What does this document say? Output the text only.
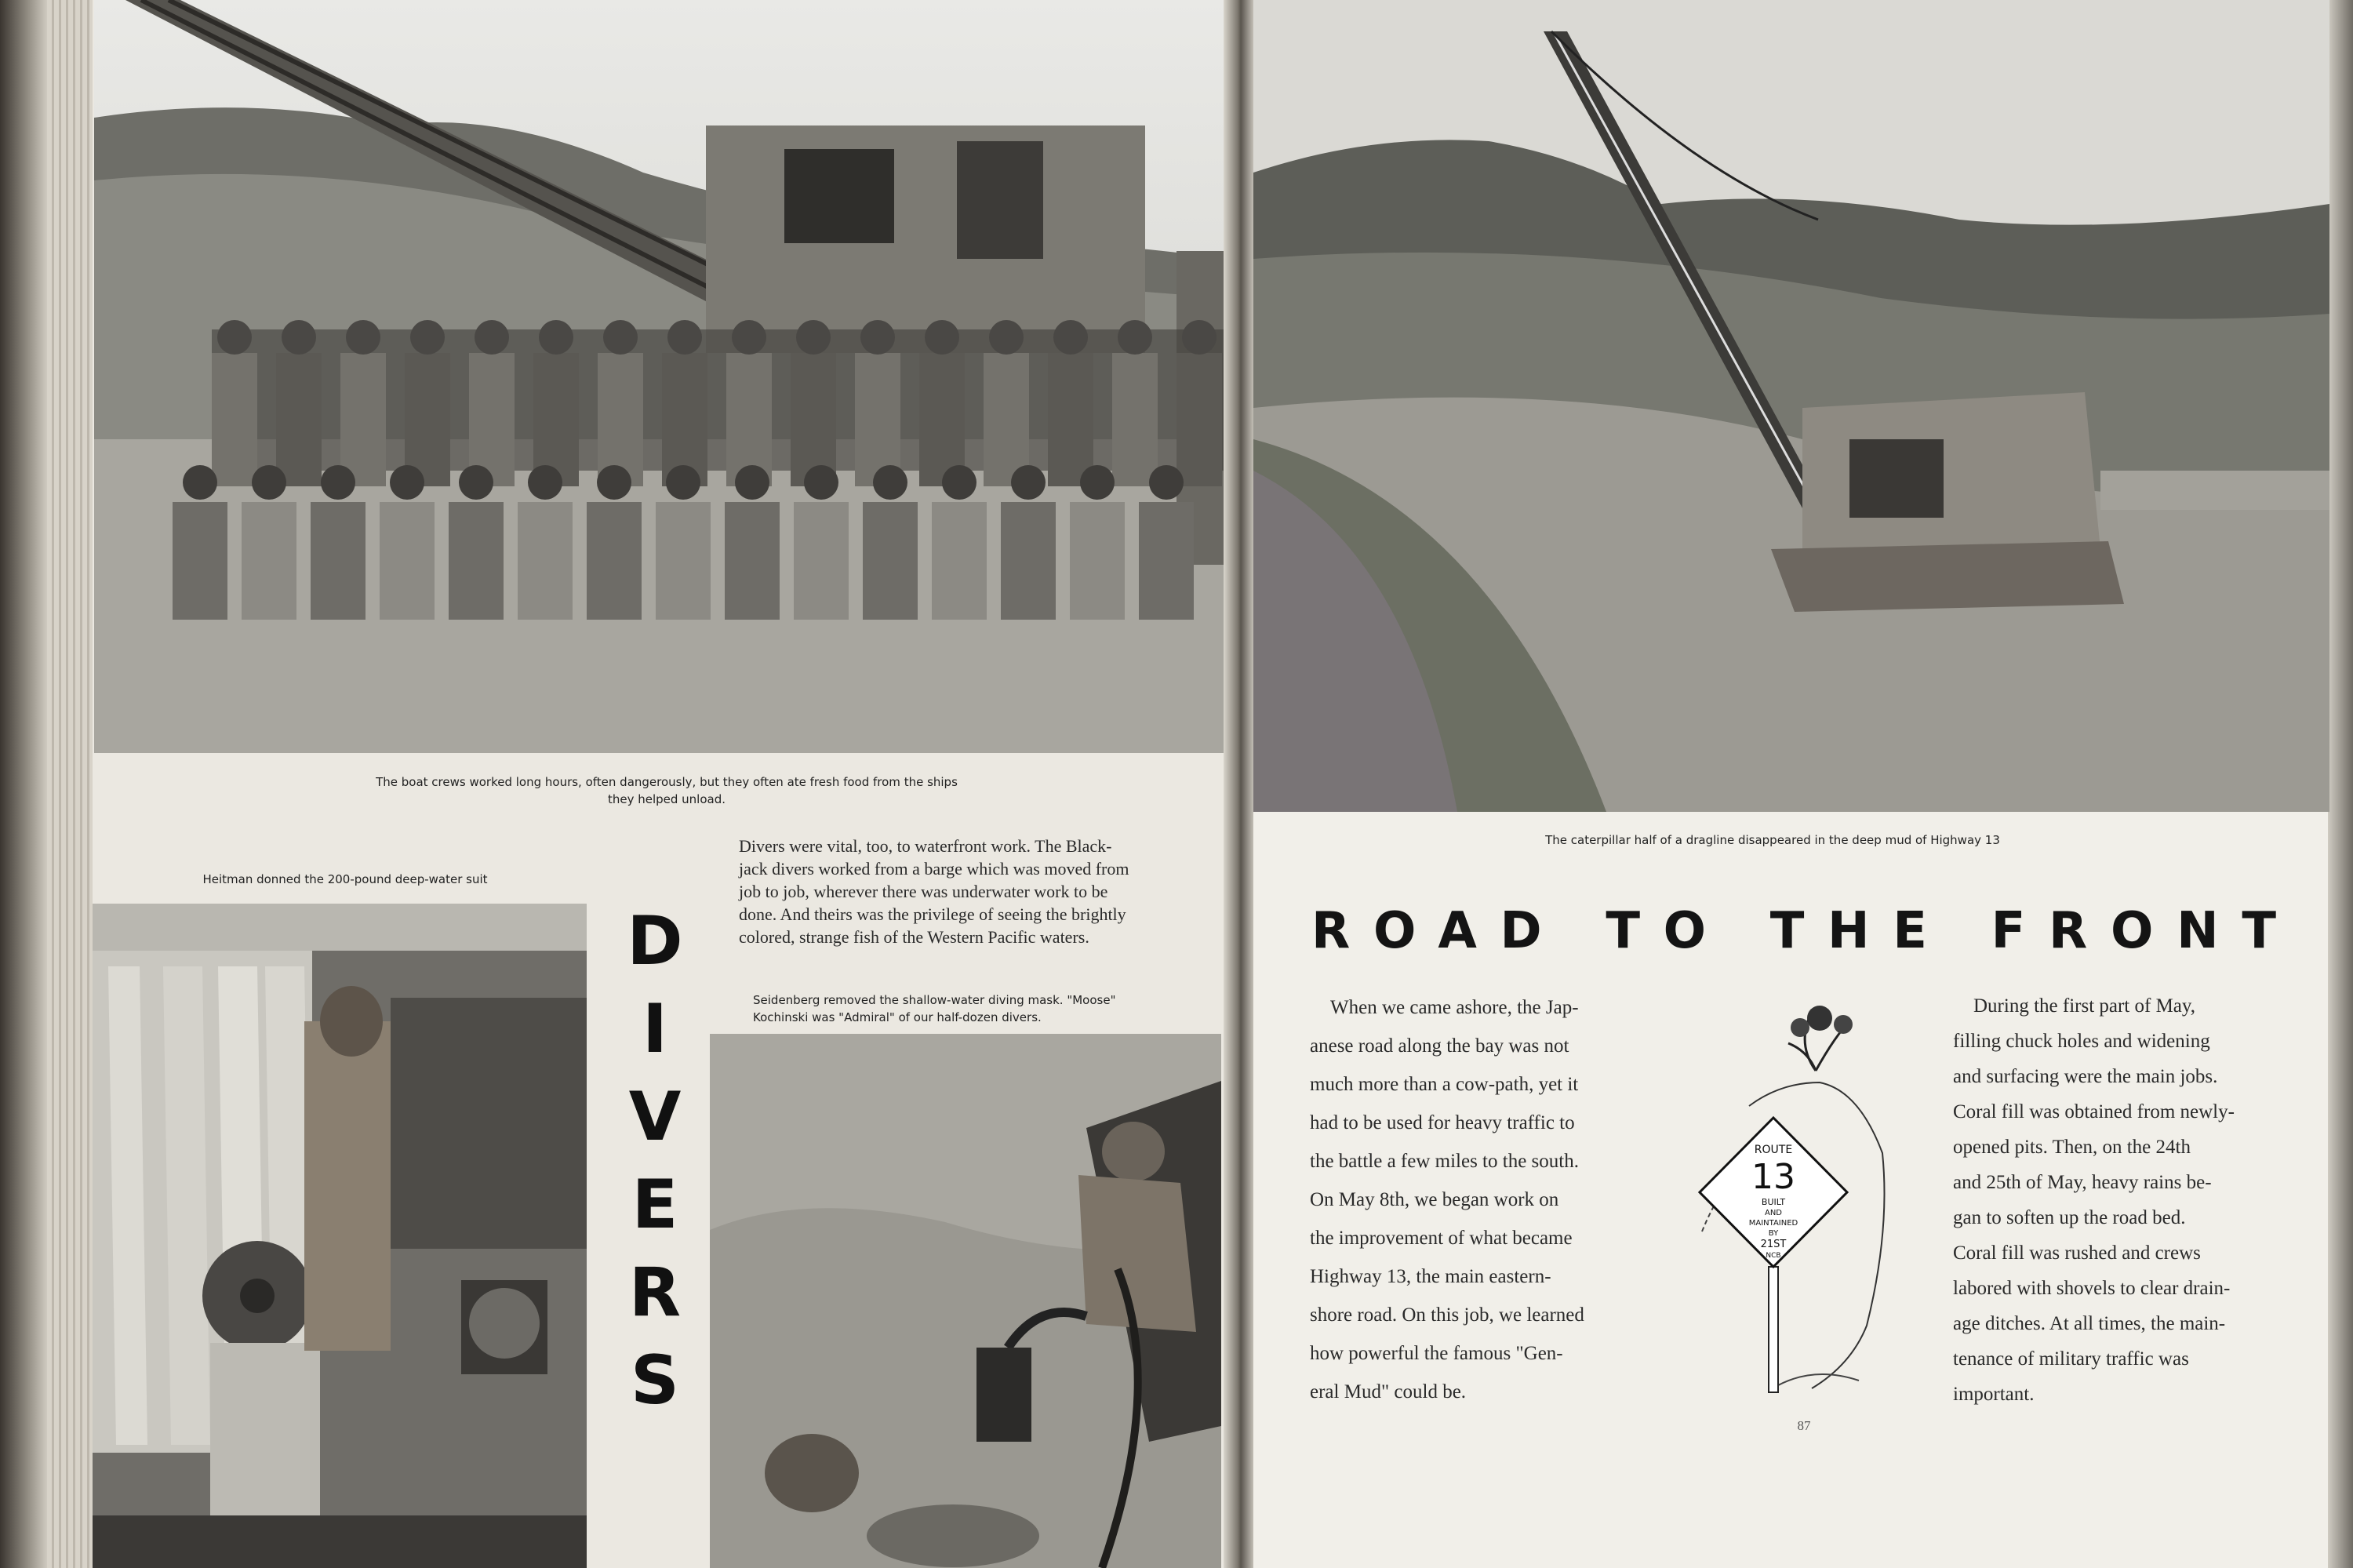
The boat crews worked long hours, often dangerously, but they often ate fresh food from the ships
they helped unload.
Heitman donned the 200-pound deep-water suit
Divers were vital, too, to waterfront work. The Black-
jack divers worked from a barge which was moved from
job to job, wherever there was underwater work to be
done. And theirs was the privilege of seeing the brightly
colored, strange fish of the Western Pacific waters.
D
I
V
E
R
S
Seidenberg removed the shallow-water diving mask. "Moose"
Kochinski was "Admiral" of our half-dozen divers.
The caterpillar half of a dragline disappeared in the deep mud of Highway 13
ROAD TO THE FRONT
When we came ashore, the Jap-
anese road along the bay was not
much more than a cow-path, yet it
had to be used for heavy traffic to
the battle a few miles to the south.
On May 8th, we began work on
the improvement of what became
Highway 13, the main eastern-
shore road. On this job, we learned
how powerful the famous "Gen-
eral Mud" could be.
ROUTE
13
BUILT
AND
MAINTAINED
BY
21ST
NCB
During the first part of May,
filling chuck holes and widening
and surfacing were the main jobs.
Coral fill was obtained from newly-
opened pits. Then, on the 24th
and 25th of May, heavy rains be-
gan to soften up the road bed.
Coral fill was rushed and crews
labored with shovels to clear drain-
age ditches. At all times, the main-
tenance of military traffic was
important.
87
